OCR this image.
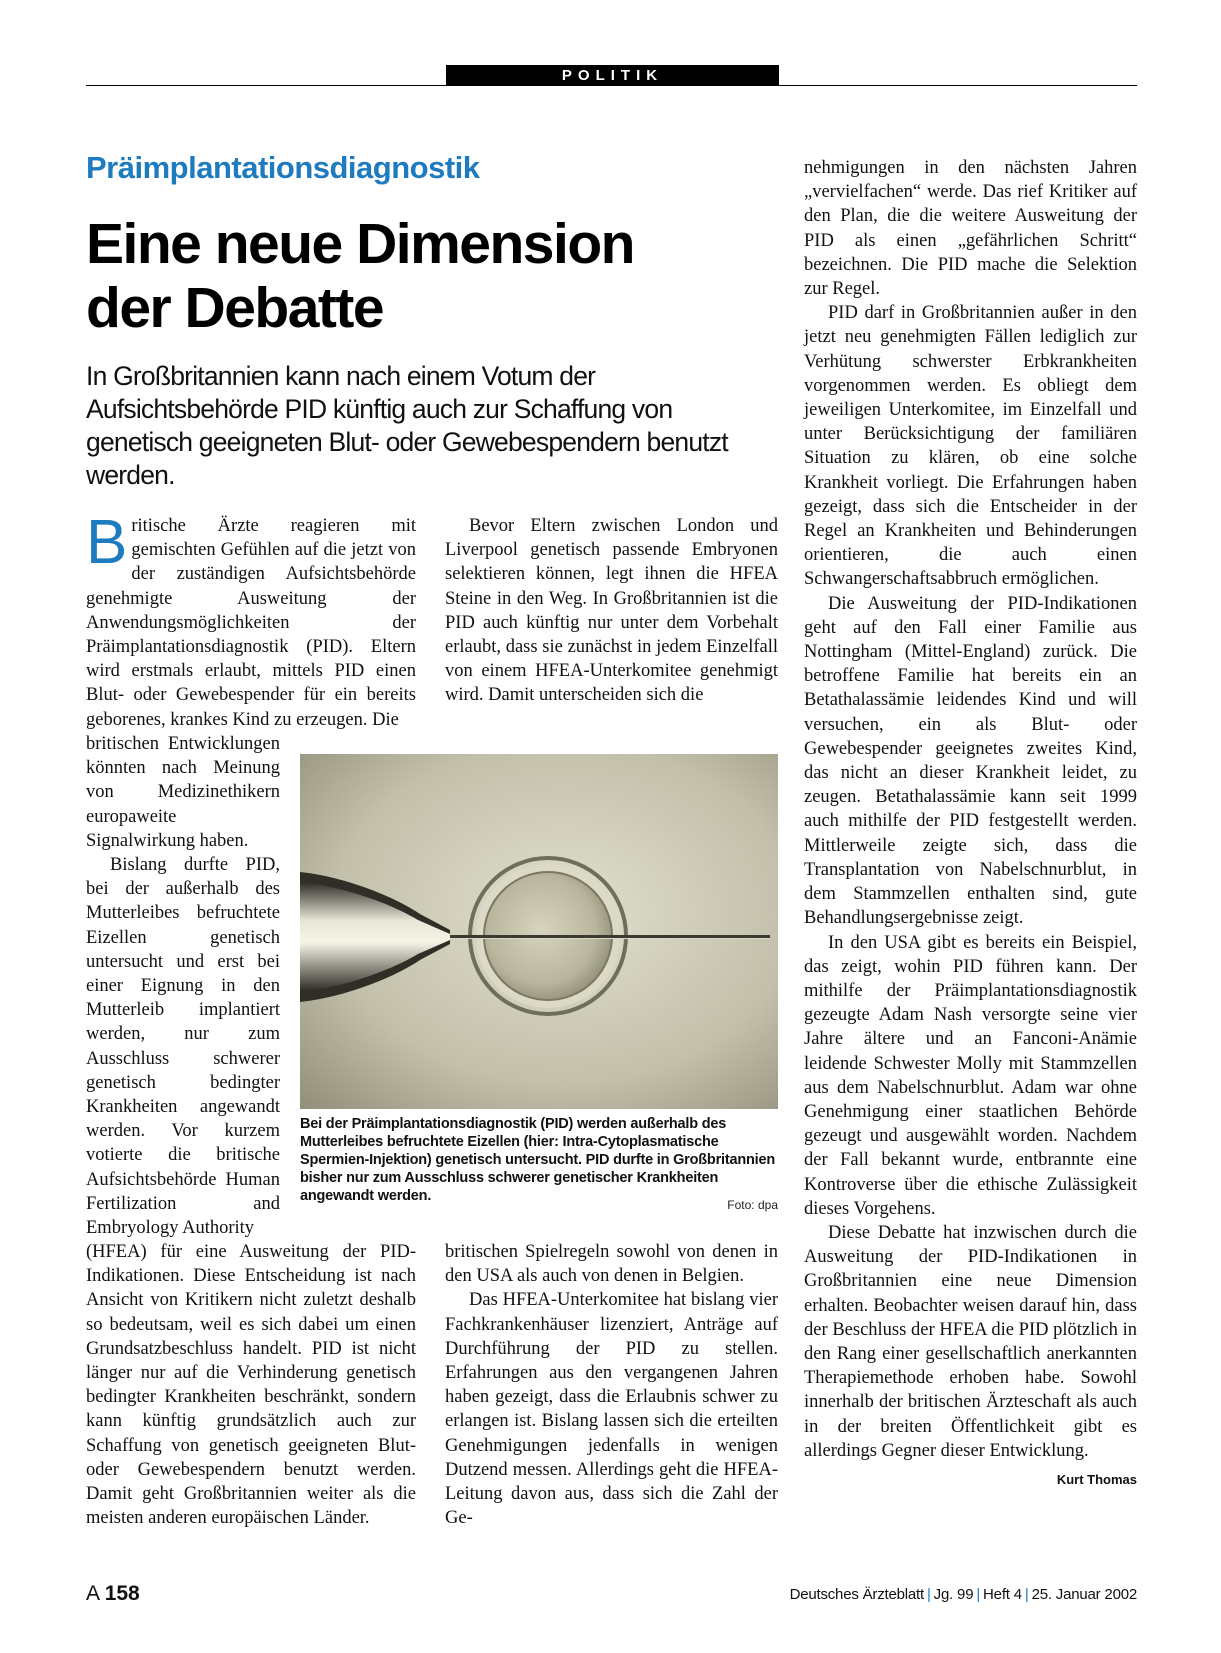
POLITIK
Präimplantationsdiagnostik
Eine neue Dimension der Debatte

In Großbritannien kann nach einem Votum der Aufsichtsbehörde PID künftig auch zur Schaffung von genetisch geeigneten Blut- oder Gewebespendern benutzt werden.

Britische Ärzte reagieren mit gemischten Gefühlen auf die jetzt von der zuständigen Aufsichtsbehörde genehmigte Ausweitung der Anwendungsmöglichkeiten der Präimplantationsdiagnostik (PID). Eltern wird erstmals erlaubt, mittels PID einen Blut- oder Gewebespender für ein bereits geborenes, krankes Kind zu erzeugen. Die

britischen Entwicklungen könnten nach Meinung von Medizinethikern europaweite Signalwirkung haben.

Bislang durfte PID, bei der außerhalb des Mutterleibes befruchtete Eizellen genetisch untersucht und erst bei einer Eignung in den Mutterleib implantiert werden, nur zum Ausschluss schwerer genetisch bedingter Krankheiten angewandt werden. Vor kurzem votierte die britische Aufsichtsbehörde Human Fertilization and Embryology Authority

(HFEA) für eine Ausweitung der PID-Indikationen. Diese Entscheidung ist nach Ansicht von Kritikern nicht zuletzt deshalb so bedeutsam, weil es sich dabei um einen Grundsatzbeschluss handelt. PID ist nicht länger nur auf die Verhinderung genetisch bedingter Krankheiten beschränkt, sondern kann künftig grundsätzlich auch zur Schaffung von genetisch geeigneten Blut- oder Gewebespendern benutzt werden. Damit geht Großbritannien weiter als die meisten anderen europäischen Länder.

Bevor Eltern zwischen London und Liverpool genetisch passende Embryonen selektieren können, legt ihnen die HFEA Steine in den Weg. In Großbritannien ist die PID auch künftig nur unter dem Vorbehalt erlaubt, dass sie zunächst in jedem Einzelfall von einem HFEA-Unterkomitee genehmigt wird. Damit unterscheiden sich die

Bei der Präimplantationsdiagnostik (PID) werden außerhalb des Mutterleibes befruchtete Eizellen (hier: Intra-Cytoplasmatische Spermien-Injektion) genetisch untersucht. PID durfte in Großbritannien bisher nur zum Ausschluss schwerer genetischer Krankheiten angewandt werden.
Foto: dpa

britischen Spielregeln sowohl von denen in den USA als auch von denen in Belgien.

Das HFEA-Unterkomitee hat bislang vier Fachkrankenhäuser lizenziert, Anträge auf Durchführung der PID zu stellen. Erfahrungen aus den vergangenen Jahren haben gezeigt, dass die Erlaubnis schwer zu erlangen ist. Bislang lassen sich die erteilten Genehmigungen jedenfalls in wenigen Dutzend messen. Allerdings geht die HFEA-Leitung davon aus, dass sich die Zahl der Ge-

nehmigungen in den nächsten Jahren „vervielfachen“ werde. Das rief Kritiker auf den Plan, die die weitere Ausweitung der PID als einen „gefährlichen Schritt“ bezeichnen. Die PID mache die Selektion zur Regel.

PID darf in Großbritannien außer in den jetzt neu genehmigten Fällen lediglich zur Verhütung schwerster Erbkrankheiten vorgenommen werden. Es obliegt dem jeweiligen Unterkomitee, im Einzelfall und unter Berücksichtigung der familiären Situation zu klären, ob eine solche Krankheit vorliegt. Die Erfahrungen haben gezeigt, dass sich die Entscheider in der Regel an Krankheiten und Behinderungen orientieren, die auch einen Schwangerschaftsabbruch ermöglichen.

Die Ausweitung der PID-Indikationen geht auf den Fall einer Familie aus Nottingham (Mittel-England) zurück. Die betroffene Familie hat bereits ein an Betathalassämie leidendes Kind und will versuchen, ein als Blut- oder Gewebespender geeignetes zweites Kind, das nicht an dieser Krankheit leidet, zu zeugen. Betathalassämie kann seit 1999 auch mithilfe der PID festgestellt werden. Mittlerweile zeigte sich, dass die Transplantation von Nabelschnurblut, in dem Stammzellen enthalten sind, gute Behandlungsergebnisse zeigt.

In den USA gibt es bereits ein Beispiel, das zeigt, wohin PID führen kann. Der mithilfe der Präimplantationsdiagnostik gezeugte Adam Nash versorgte seine vier Jahre ältere und an Fanconi-Anämie leidende Schwester Molly mit Stammzellen aus dem Nabelschnurblut. Adam war ohne Genehmigung einer staatlichen Behörde gezeugt und ausgewählt worden. Nachdem der Fall bekannt wurde, entbrannte eine Kontroverse über die ethische Zulässigkeit dieses Vorgehens.

Diese Debatte hat inzwischen durch die Ausweitung der PID-Indikationen in Großbritannien eine neue Dimension erhalten. Beobachter weisen darauf hin, dass der Beschluss der HFEA die PID plötzlich in den Rang einer gesellschaftlich anerkannten Therapiemethode erhoben habe. Sowohl innerhalb der britischen Ärzteschaft als auch in der breiten Öffentlichkeit gibt es allerdings Gegner dieser Entwicklung.
Kurt Thomas

A 158	Deutsches Ärzteblatt | Jg. 99 | Heft 4 | 25. Januar 2002
